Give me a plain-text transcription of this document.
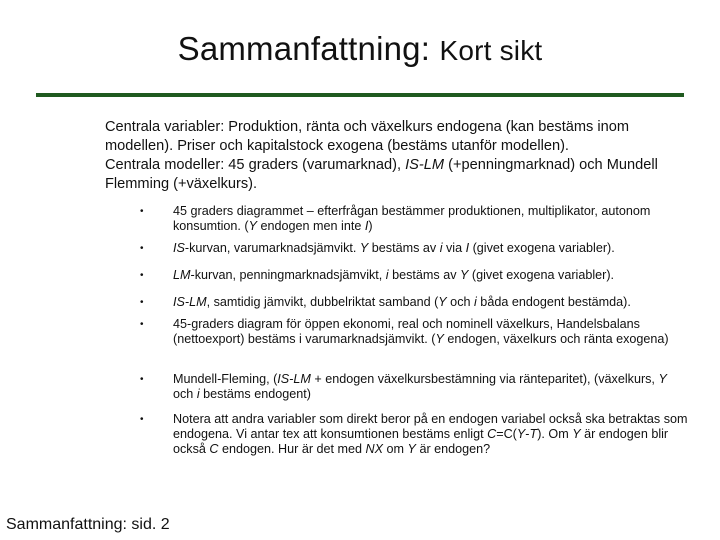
Sammanfattning: Kort sikt

Centrala variabler: Produktion, ränta och växelkurs endogena (kan bestäms inom modellen). Priser och kapitalstock exogena (bestäms utanför modellen).

Centrala modeller: 45 graders (varumarknad), IS-LM (+penningmarknad) och Mundell Flemming (+växelkurs).

• 45 graders diagrammet – efterfrågan bestämmer produktionen, multiplikator, autonom konsumtion. (Y endogen men inte I)
• IS-kurvan, varumarknadsjämvikt. Y bestäms av i via I (givet exogena variabler).
• LM-kurvan, penningmarknadsjämvikt, i bestäms av Y (givet exogena variabler).
• IS-LM, samtidig jämvikt, dubbelriktat samband (Y och i båda endogent bestämda).
• 45-graders diagram för öppen ekonomi, real och nominell växelkurs, Handelsbalans (nettoexport) bestäms i varumarknadsjämvikt. (Y endogen, växelkurs och ränta exogena)
• Mundell-Fleming, (IS-LM + endogen växelkursbestämning via ränteparitet), (växelkurs, Y och i bestäms endogent)
• Notera att andra variabler som direkt beror på en endogen variabel också ska betraktas som endogena. Vi antar tex att konsumtionen bestäms enligt C=C(Y-T). Om Y är endogen blir också C endogen. Hur är det med NX om Y är endogen?
Sammanfattning: sid. 2
